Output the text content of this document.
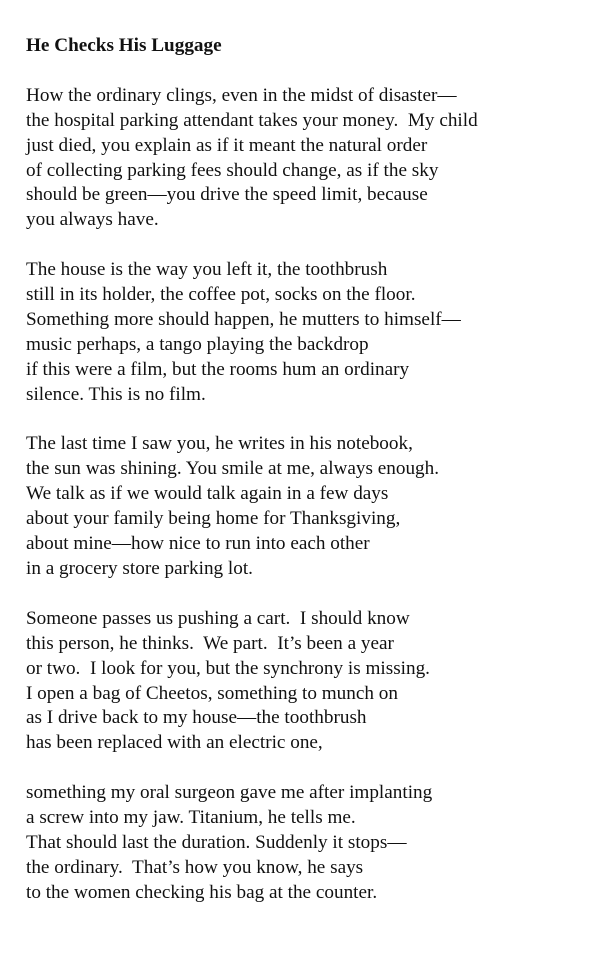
He Checks His Luggage
How the ordinary clings, even in the midst of disaster—
the hospital parking attendant takes your money.  My child
just died, you explain as if it meant the natural order
of collecting parking fees should change, as if the sky
should be green—you drive the speed limit, because
you always have.
The house is the way you left it, the toothbrush
still in its holder, the coffee pot, socks on the floor.
Something more should happen, he mutters to himself—
music perhaps, a tango playing the backdrop
if this were a film, but the rooms hum an ordinary
silence. This is no film.
The last time I saw you, he writes in his notebook,
the sun was shining. You smile at me, always enough.
We talk as if we would talk again in a few days
about your family being home for Thanksgiving,
about mine—how nice to run into each other
in a grocery store parking lot.
Someone passes us pushing a cart.  I should know
this person, he thinks.  We part.  It’s been a year
or two.  I look for you, but the synchrony is missing.
I open a bag of Cheetos, something to munch on
as I drive back to my house—the toothbrush
has been replaced with an electric one,
something my oral surgeon gave me after implanting
a screw into my jaw. Titanium, he tells me.
That should last the duration. Suddenly it stops—
the ordinary.  That’s how you know, he says
to the women checking his bag at the counter.
